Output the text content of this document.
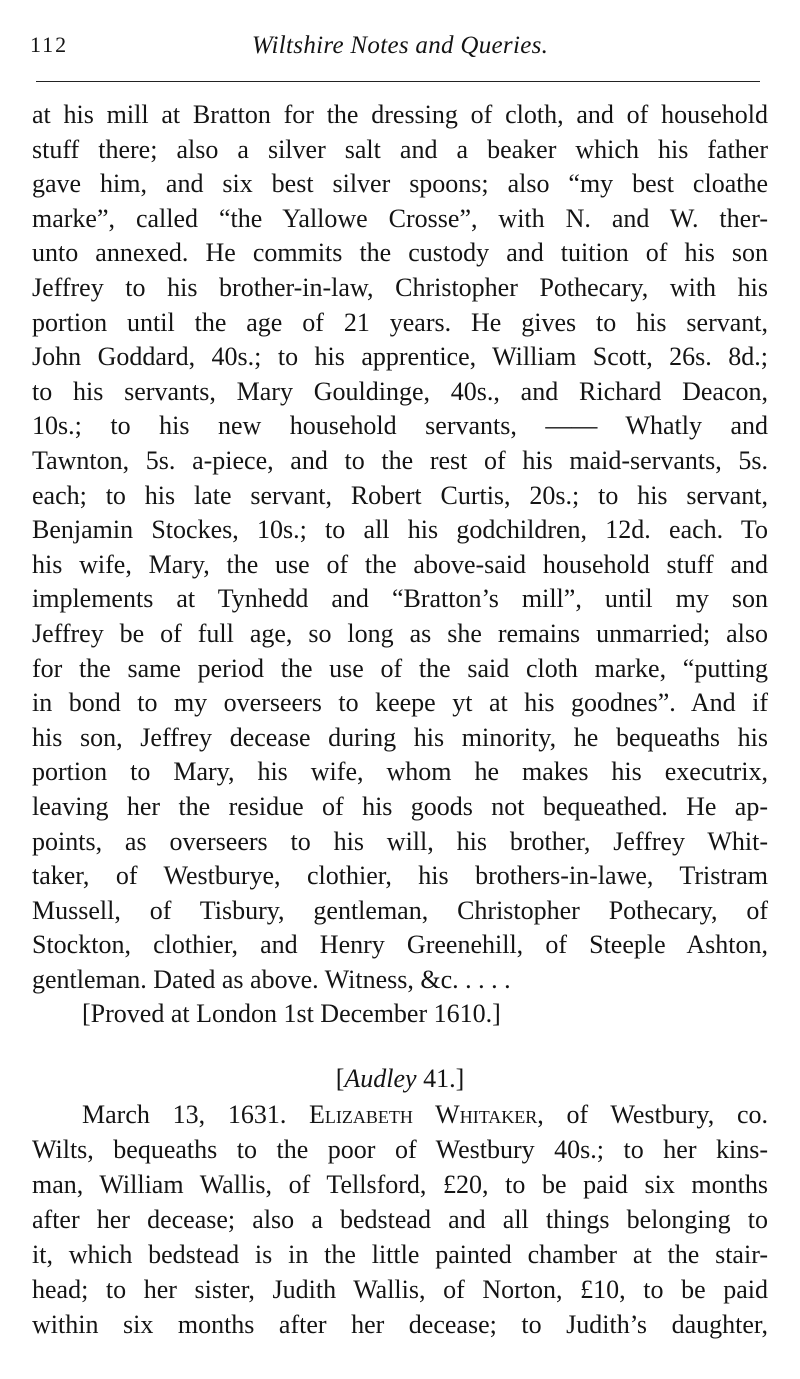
112	Wiltshire Notes and Queries.
at his mill at Bratton for the dressing of cloth, and of household
stuff there; also a silver salt and a beaker which his father
gave him, and six best silver spoons; also “my best cloathe
marke”, called “the Yallowe Crosse”, with N. and W. ther-
unto annexed. He commits the custody and tuition of his son
Jeffrey to his brother-in-law, Christopher Pothecary, with his
portion until the age of 21 years. He gives to his servant,
John Goddard, 40s.; to his apprentice, William Scott, 26s. 8d.;
to his servants, Mary Gouldinge, 40s., and Richard Deacon,
10s.; to his new household servants, —— Whatly and
Tawnton, 5s. a-piece, and to the rest of his maid-servants, 5s.
each; to his late servant, Robert Curtis, 20s.; to his servant,
Benjamin Stockes, 10s.; to all his godchildren, 12d. each. To
his wife, Mary, the use of the above-said household stuff and
implements at Tynhedd and “Bratton’s mill”, until my son
Jeffrey be of full age, so long as she remains unmarried; also
for the same period the use of the said cloth marke, “putting
in bond to my overseers to keepe yt at his goodnes”. And if
his son, Jeffrey decease during his minority, he bequeaths his
portion to Mary, his wife, whom he makes his executrix,
leaving her the residue of his goods not bequeathed. He ap-
points, as overseers to his will, his brother, Jeffrey Whit-
taker, of Westburye, clothier, his brothers-in-lawe, Tristram
Mussell, of Tisbury, gentleman, Christopher Pothecary, of
Stockton, clothier, and Henry Greenehill, of Steeple Ashton,
gentleman. Dated as above. Witness, &c. . . . .
[Proved at London 1st December 1610.]
[Audley 41.]
March 13, 1631. Elizabeth Whitaker, of Westbury, co.
Wilts, bequeaths to the poor of Westbury 40s.; to her kins-
man, William Wallis, of Tellsford, £20, to be paid six months
after her decease; also a bedstead and all things belonging to
it, which bedstead is in the little painted chamber at the stair-
head; to her sister, Judith Wallis, of Norton, £10, to be paid
within six months after her decease; to Judith’s daughter,
